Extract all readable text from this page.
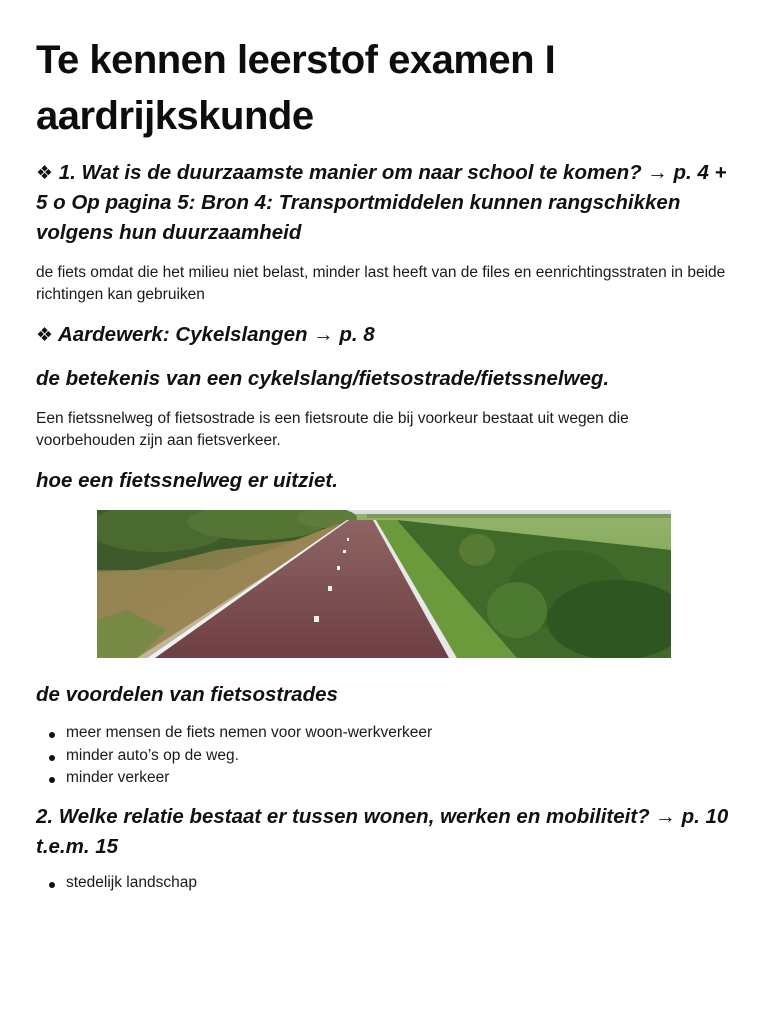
Te kennen leerstof examen I aardrijkskunde
❖ 1. Wat is de duurzaamste manier om naar school te komen? → p. 4 + 5 o Op pagina 5: Bron 4: Transportmiddelen kunnen rangschikken volgens hun duurzaamheid

de fiets omdat die het milieu niet belast, minder last heeft van de files en eenrichtingsstraten in beide richtingen kan gebruiken

❖ Aardewerk: Cykelslangen → p. 8
de betekenis van een cykelslang/fietsostrade/fietssnelweg.

Een fietssnelweg of fietsostrade is een fietsroute die bij voorkeur bestaat uit wegen die voorbehouden zijn aan fietsverkeer.

hoe een fietssnelweg er uitziet.
de voordelen van fietsostrades
meer mensen de fiets nemen voor woon-werkverkeer
minder auto’s op de weg.
minder verkeer
2. Welke relatie bestaat er tussen wonen, werken en mobiliteit? → p. 10 t.e.m. 15
stedelijk landschap
